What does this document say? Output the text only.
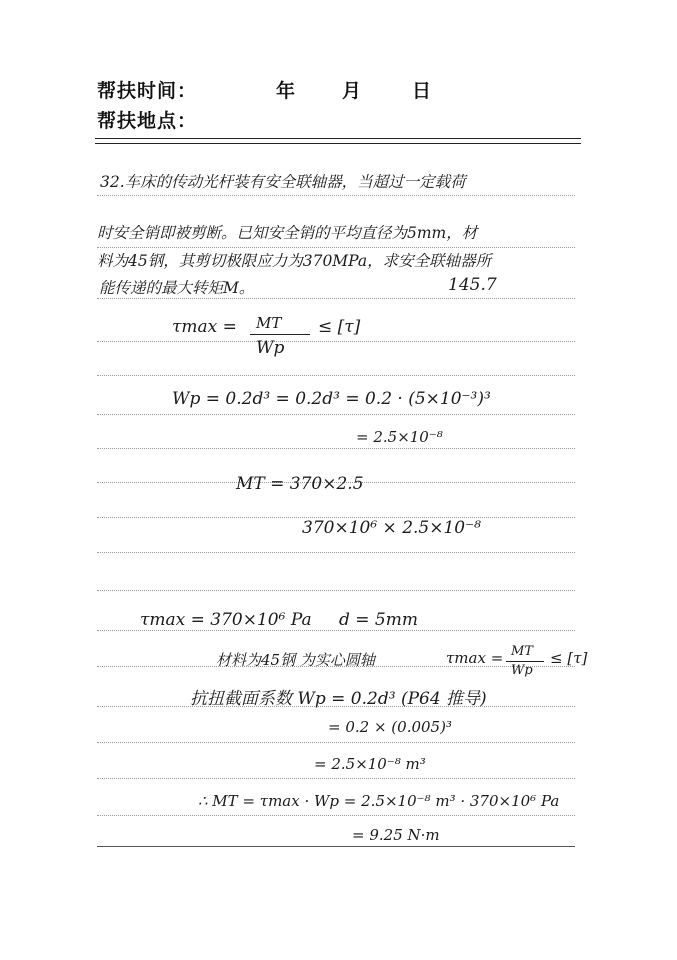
帮扶时间：	年 月	日
帮扶地点：
32.车床的传动光杆装有安全联轴器，当超过一定载荷
时安全销即被剪断。已知安全销的平均直径为5mm，材
料为45钢，其剪切极限应力为370MPa，求安全联轴器所
能传递的最大转矩M。	145.7
τmax = MT
Wp
≤ [τ]
Wp = 0.2d³ = 0.2d³ = 0.2 · (5×10⁻³)³
= 2.5×10⁻⁸
MT = 370×2.5
370×10⁶ × 2.5×10⁻⁸
τmax = 370×10⁶ Pa d = 5mm
材料为45钢 为实心圆轴	τmax = MT
Wp
≤ [τ]
抗扭截面系数 Wp = 0.2d³ (P64 推导)
= 0.2 × (0.005)³
= 2.5×10⁻⁸ m³
∴ MT = τmax · Wp = 2.5×10⁻⁸ m³ · 370×10⁶ Pa
= 9.25 N·m
